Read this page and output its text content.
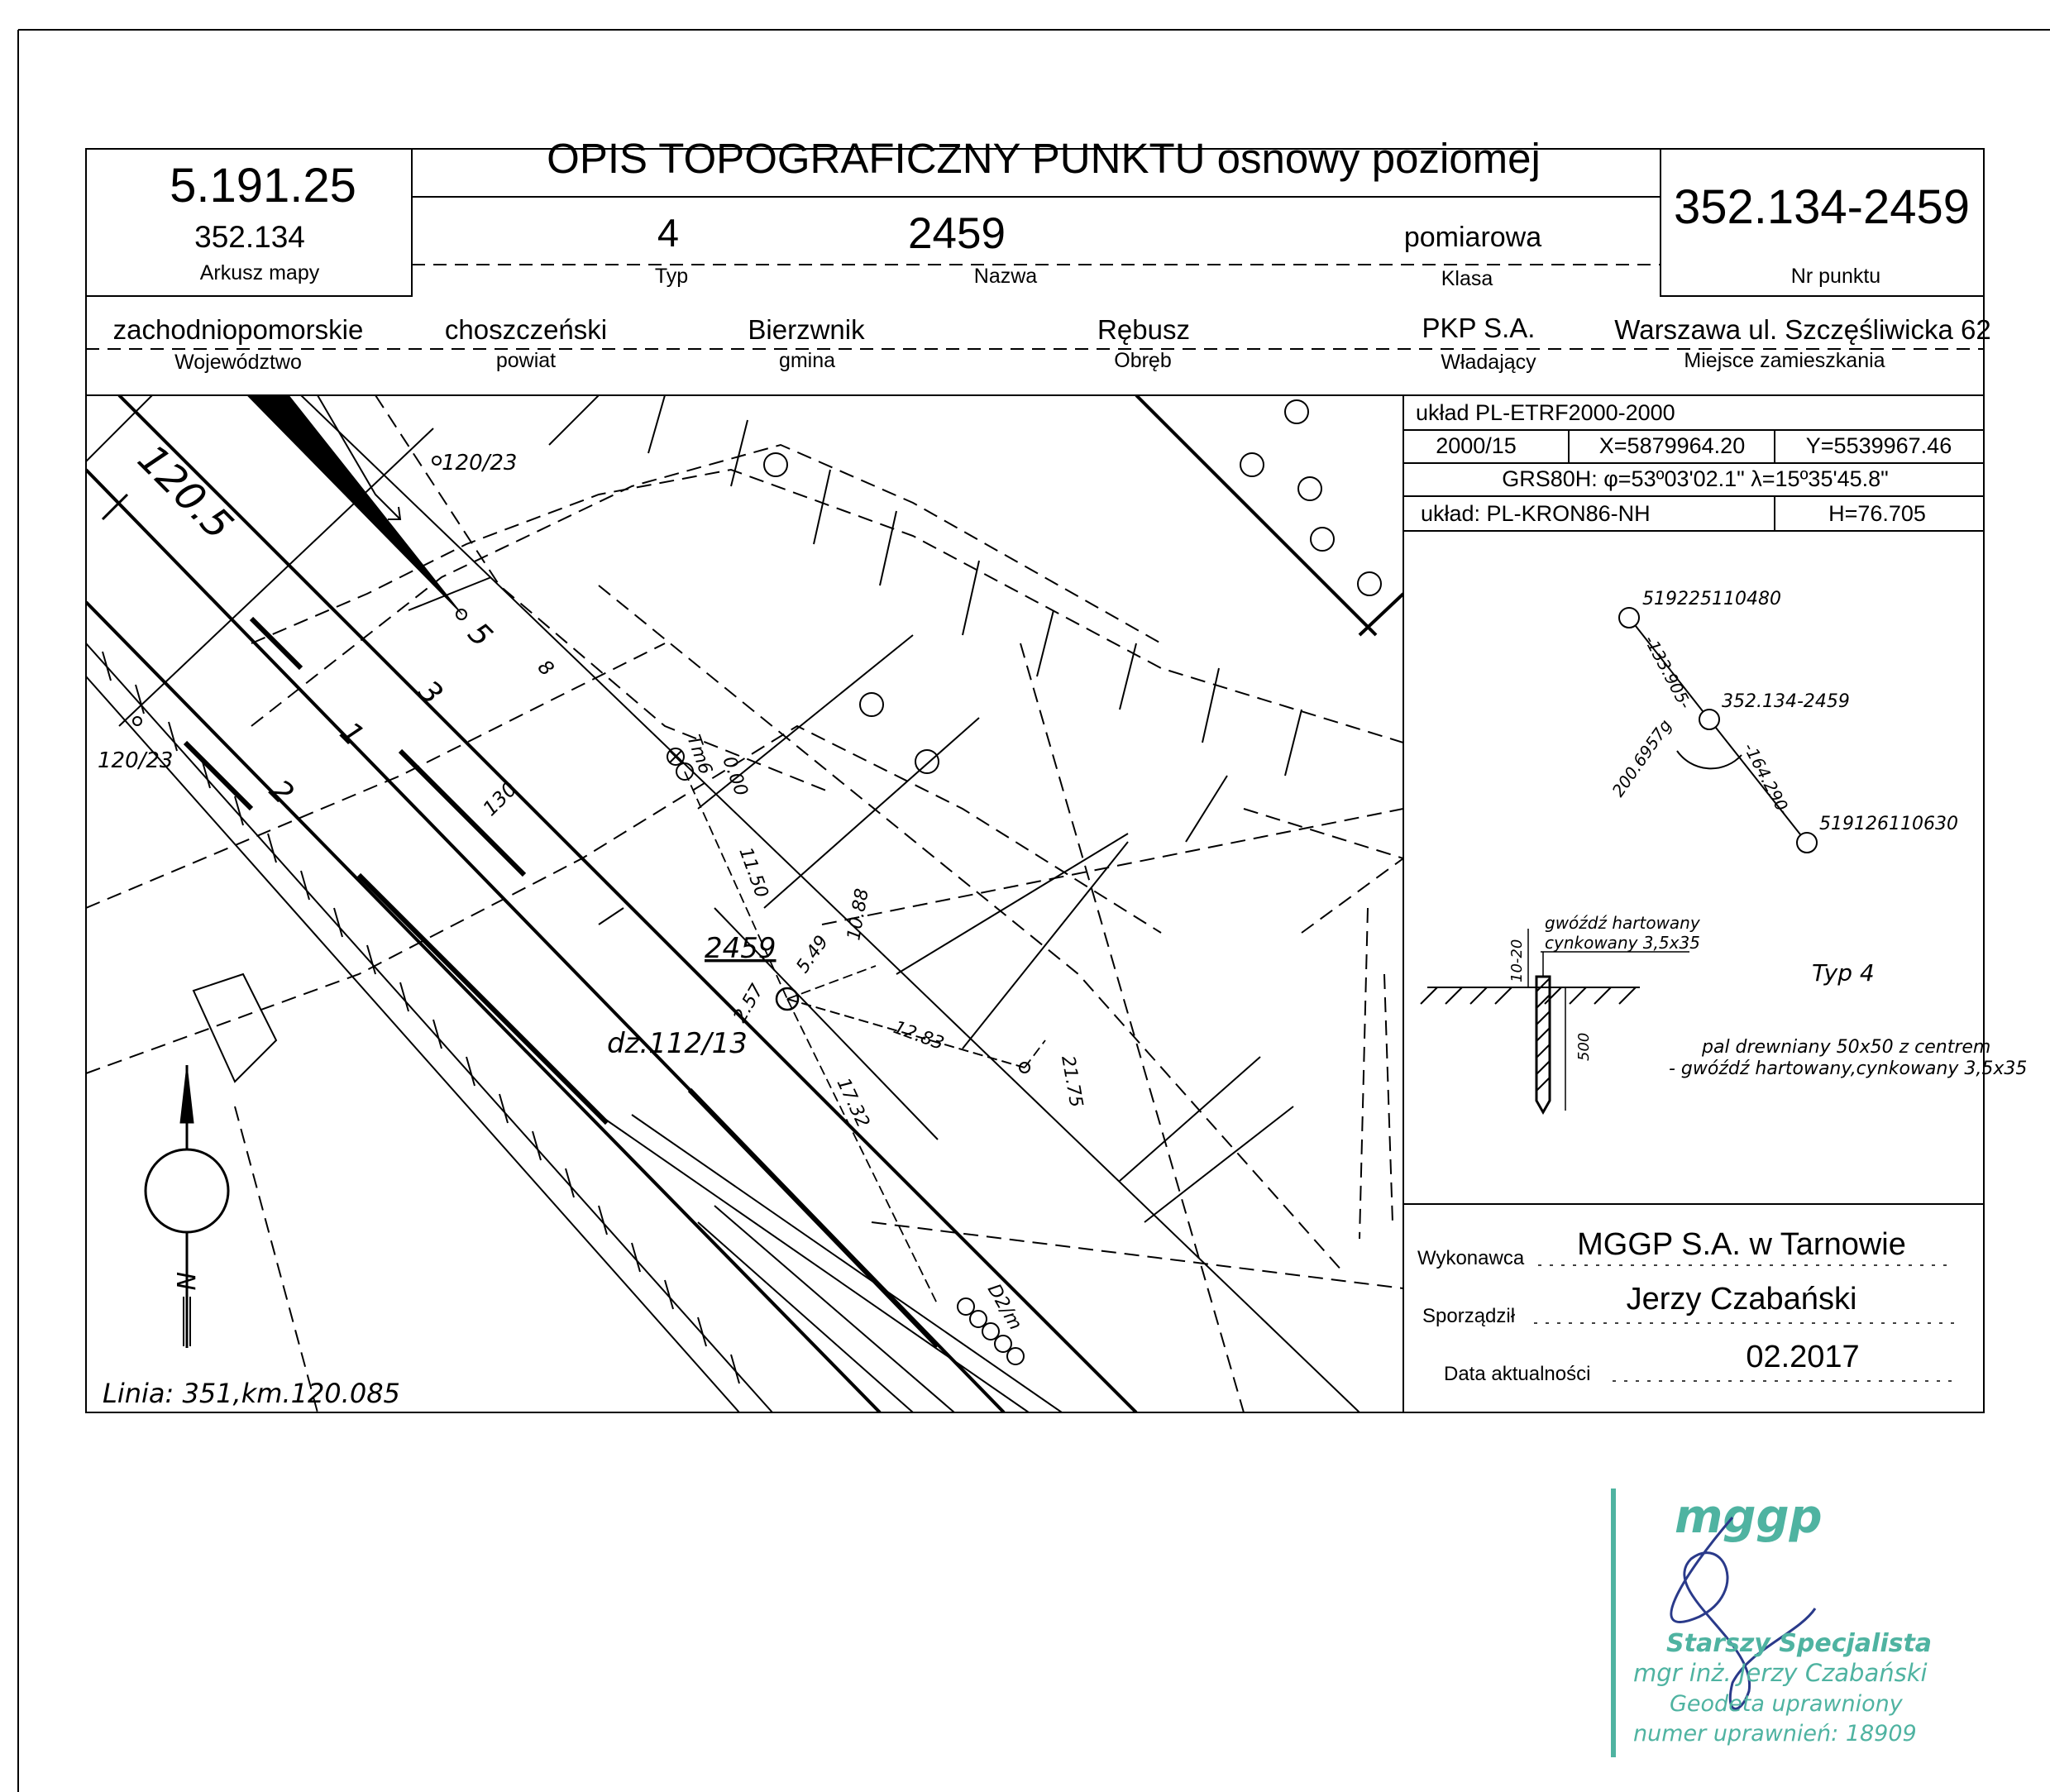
OPIS TOPOGRAFICZNY PUNKTU osnowy poziomej
5.191.25
352.134
Arkusz mapy
352.134-2459
Nr punktu
4
Typ
2459
Nazwa
pomiarowa
Klasa
zachodniopomorskie
Województwo
choszczeński
powiat
Bierzwnik
gmina
Rębusz
Obręb
PKP S.A.
Władający
Warszawa ul. Szczęśliwicka 62
Miejsce zamieszkania
układ PL-ETRF2000-2000
2000/15	X=5879964.20	Y=5539967.46
GRS80H: φ=53º03'02.1" λ=15º35'45.8"
układ: PL-KRON86-NH	H=76.705
dz.112/13
Linia: 351,km.120.085
120.5	120/23
120/23
3
2
1
5
8
130
2459
Tm6 0.00
11.50
5.49
10.88
2.57
12.83
17.32	21.75
D2/m
N
519225110480
352.134-2459
519126110630
-133.905-
-164.290-
200.6957g
gwóźdź hartowany
cynkowany 3,5x35
10-20
500
Typ 4
pal drewniany 50x50 z centrem
- gwóźdź hartowany,cynkowany 3,5x35
Wykonawca MGGP S.A. w Tarnowie
Sporządził	Jerzy Czabański
Data aktualności	02.2017
mggp
Starszy Specjalista
mgr inż. Jerzy Czabański
Geodeta uprawniony
numer uprawnień: 18909
